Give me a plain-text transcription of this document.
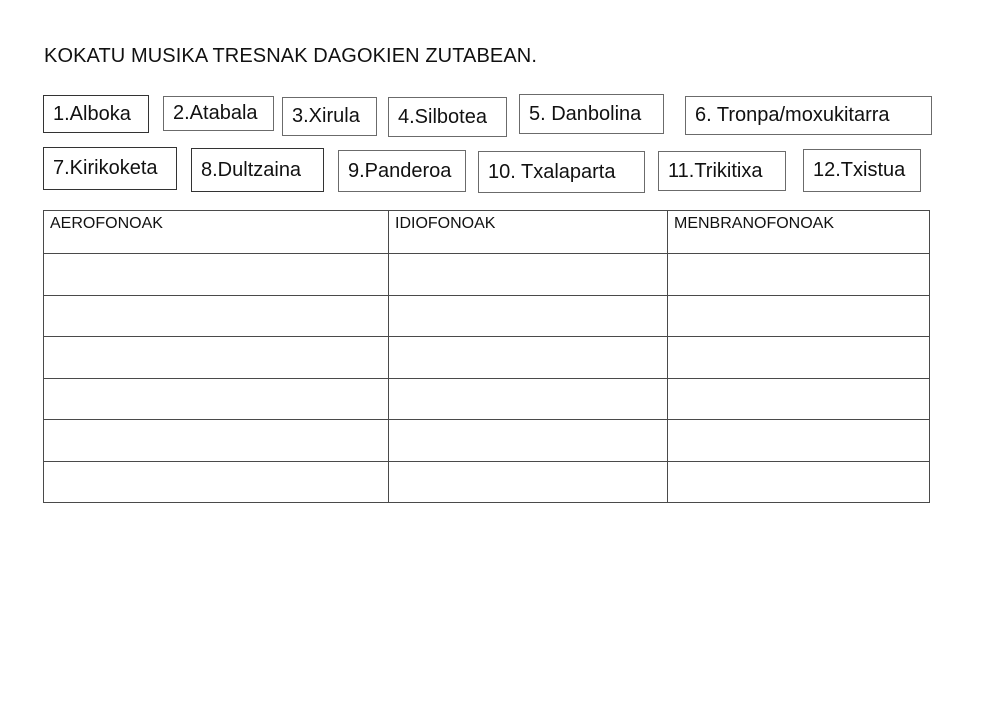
KOKATU MUSIKA TRESNAK DAGOKIEN ZUTABEAN.
1.Alboka	2.Atabala	3.Xirula	4.Silbotea	5. Danbolina	6. Tronpa/moxukitarra
7.Kirikoketa	8.Dultzaina	9.Panderoa	10. Txalaparta	11.Trikitixa	12.Txistua
AEROFONOAK	IDIOFONOAK	MENBRANOFONOAK
